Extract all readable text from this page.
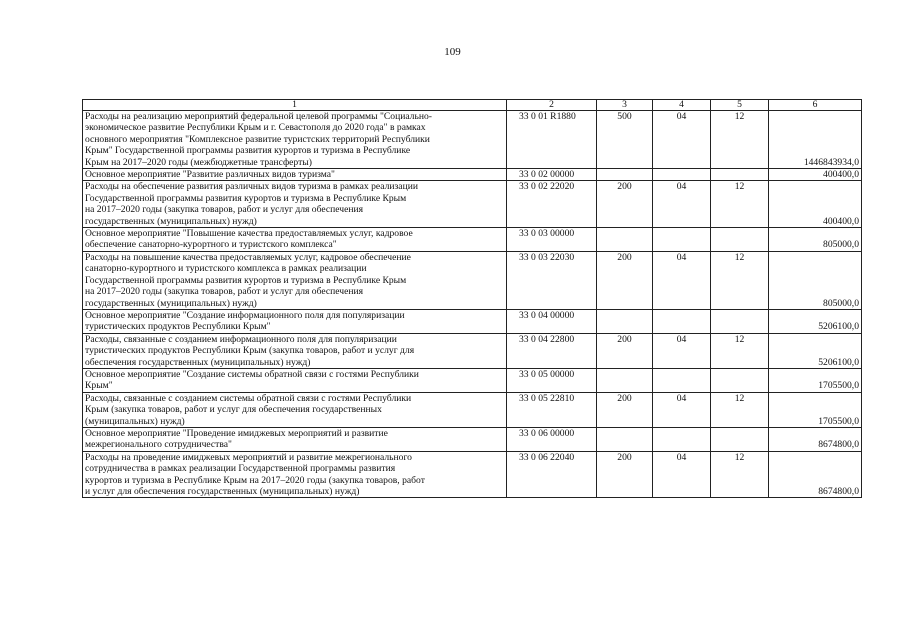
109
1	2	3	4	5	6
Расходы на реализацию мероприятий федеральной целевой программы "Социально-
экономическое развитие Республики Крым и г. Севастополя до 2020 года" в рамках
основного мероприятия "Комплексное развитие туристских территорий Республики
Крым" Государственной программы развития курортов и туризма в Республике
Крым на 2017–2020 годы (межбюджетные трансферты)	33 0 01 R1880	500	04	12	1446843934,0
Основное мероприятие "Развитие различных видов туризма"	33 0 02 00000				400400,0
Расходы на обеспечение развития различных видов туризма в рамках реализации
Государственной программы развития курортов и туризма в Республике Крым
на 2017–2020 годы (закупка товаров, работ и услуг для обеспечения
государственных (муниципальных) нужд)	33 0 02 22020	200	04	12	400400,0
Основное мероприятие "Повышение качества предоставляемых услуг, кадровое
обеспечение санаторно-курортного и туристского комплекса"	33 0 03 00000				805000,0
Расходы на повышение качества предоставляемых услуг, кадровое обеспечение
санаторно-курортного и туристского комплекса в рамках реализации
Государственной программы развития курортов и туризма в Республике Крым
на 2017–2020 годы (закупка товаров, работ и услуг для обеспечения
государственных (муниципальных) нужд)	33 0 03 22030	200	04	12	805000,0
Основное мероприятие "Создание информационного поля для популяризации
туристических продуктов Республики Крым"	33 0 04 00000				5206100,0
Расходы, связанные с созданием информационного поля для популяризации
туристических продуктов Республики Крым (закупка товаров, работ и услуг для
обеспечения государственных (муниципальных) нужд)	33 0 04 22800	200	04	12	5206100,0
Основное мероприятие "Создание системы обратной связи с гостями Республики
Крым"	33 0 05 00000				1705500,0
Расходы, связанные с созданием системы обратной связи с гостями Республики
Крым (закупка товаров, работ и услуг для обеспечения государственных
(муниципальных) нужд)	33 0 05 22810	200	04	12	1705500,0
Основное мероприятие "Проведение имиджевых мероприятий и развитие
межрегионального сотрудничества"	33 0 06 00000				8674800,0
Расходы на проведение имиджевых мероприятий и развитие межрегионального
сотрудничества в рамках реализации Государственной программы развития
курортов и туризма в Республике Крым на 2017–2020 годы (закупка товаров, работ
и услуг для обеспечения государственных (муниципальных) нужд)	33 0 06 22040	200	04	12	8674800,0
